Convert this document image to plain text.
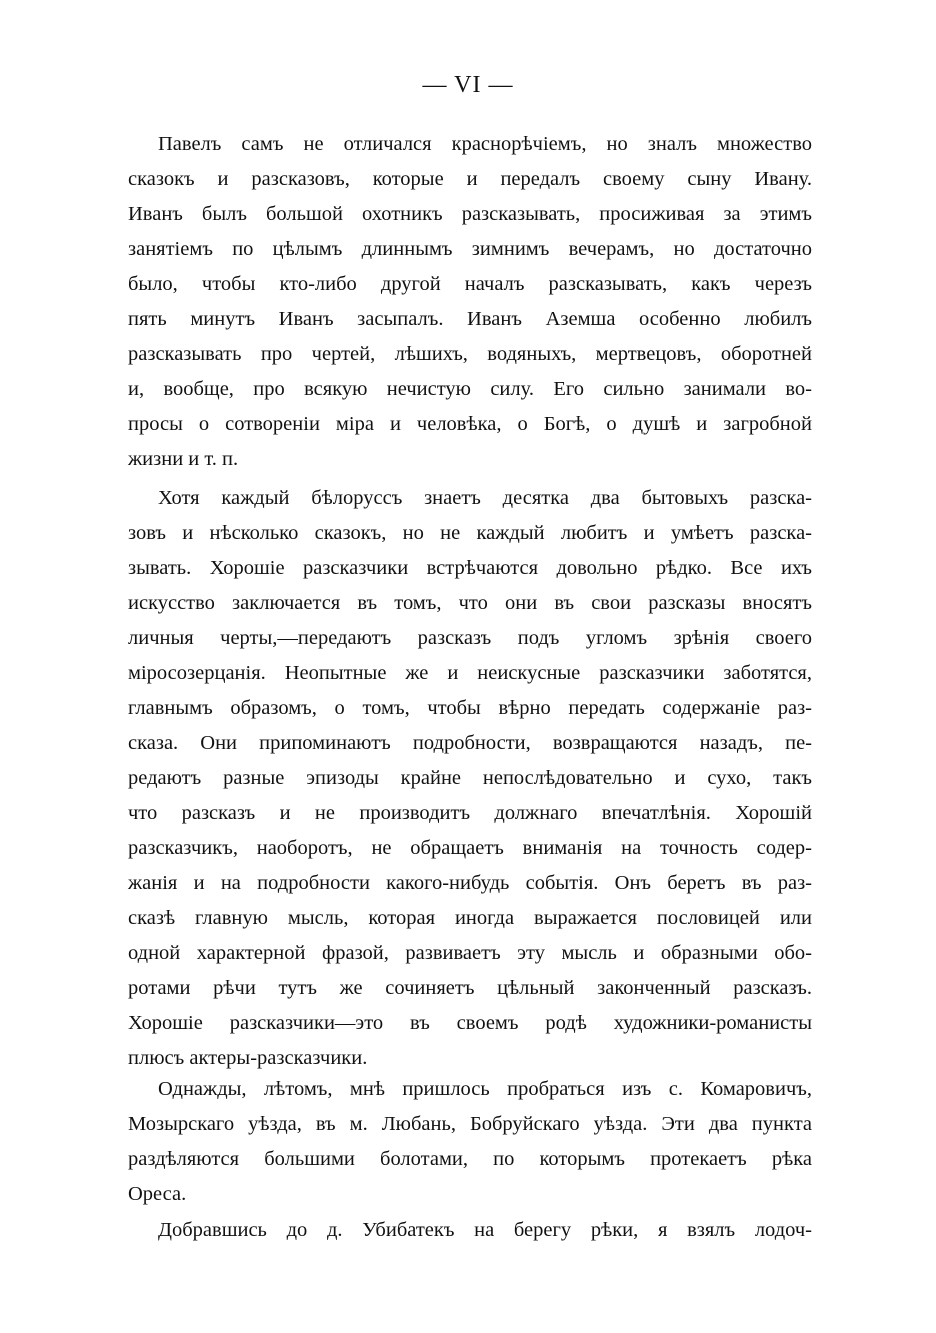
— VI —
Павелъ самъ не отличался краснорѣчіемъ, но зналъ множество
сказокъ и разсказовъ, которые и передалъ своему сыну Ивану.
Иванъ былъ большой охотникъ разсказывать, просиживая за этимъ
занятіемъ по цѣлымъ длиннымъ зимнимъ вечерамъ, но достаточно
было, чтобы кто-либо другой началъ разсказывать, какъ черезъ
пять минутъ Иванъ засыпалъ. Иванъ Аземша особенно любилъ
разсказывать про чертей, лѣшихъ, водяныхъ, мертвецовъ, оборотней
и, вообще, про всякую нечистую силу. Его сильно занимали во-
просы о сотвореніи міра и человѣка, о Богѣ, о душѣ и загробной
жизни и т. п.
Хотя каждый бѣлоруссъ знаетъ десятка два бытовыхъ разска-
зовъ и нѣсколько сказокъ, но не каждый любитъ и умѣетъ разска-
зывать. Хорошіе разсказчики встрѣчаются довольно рѣдко. Все ихъ
искусство заключается въ томъ, что они въ свои разсказы вносятъ
личныя черты,—передаютъ разсказъ подъ угломъ зрѣнія своего
міросозерцанія. Неопытные же и неискусные разсказчики заботятся,
главнымъ образомъ, о томъ, чтобы вѣрно передать содержаніе раз-
сказа. Они припоминаютъ подробности, возвращаются назадъ, пе-
редаютъ разные эпизоды крайне непослѣдовательно и сухо, такъ
что разсказъ и не производитъ должнаго впечатлѣнія. Хорошій
разсказчикъ, наоборотъ, не обращаетъ вниманія на точность содер-
жанія и на подробности какого-нибудь событія. Онъ беретъ въ раз-
сказѣ главную мысль, которая иногда выражается пословицей или
одной характерной фразой, развиваетъ эту мысль и образными обо-
ротами рѣчи тутъ же сочиняетъ цѣльный законченный разсказъ.
Хорошіе разсказчики—это въ своемъ родѣ художники-романисты
плюсъ актеры-разсказчики.
Однажды, лѣтомъ, мнѣ пришлось пробраться изъ с. Комаровичъ,
Мозырскаго уѣзда, въ м. Любань, Бобруйскаго уѣзда. Эти два пункта
раздѣляются большими болотами, по которымъ протекаетъ рѣка
Ореса.
Добравшись до д. Убибатекъ на берегу рѣки, я взялъ лодоч-
